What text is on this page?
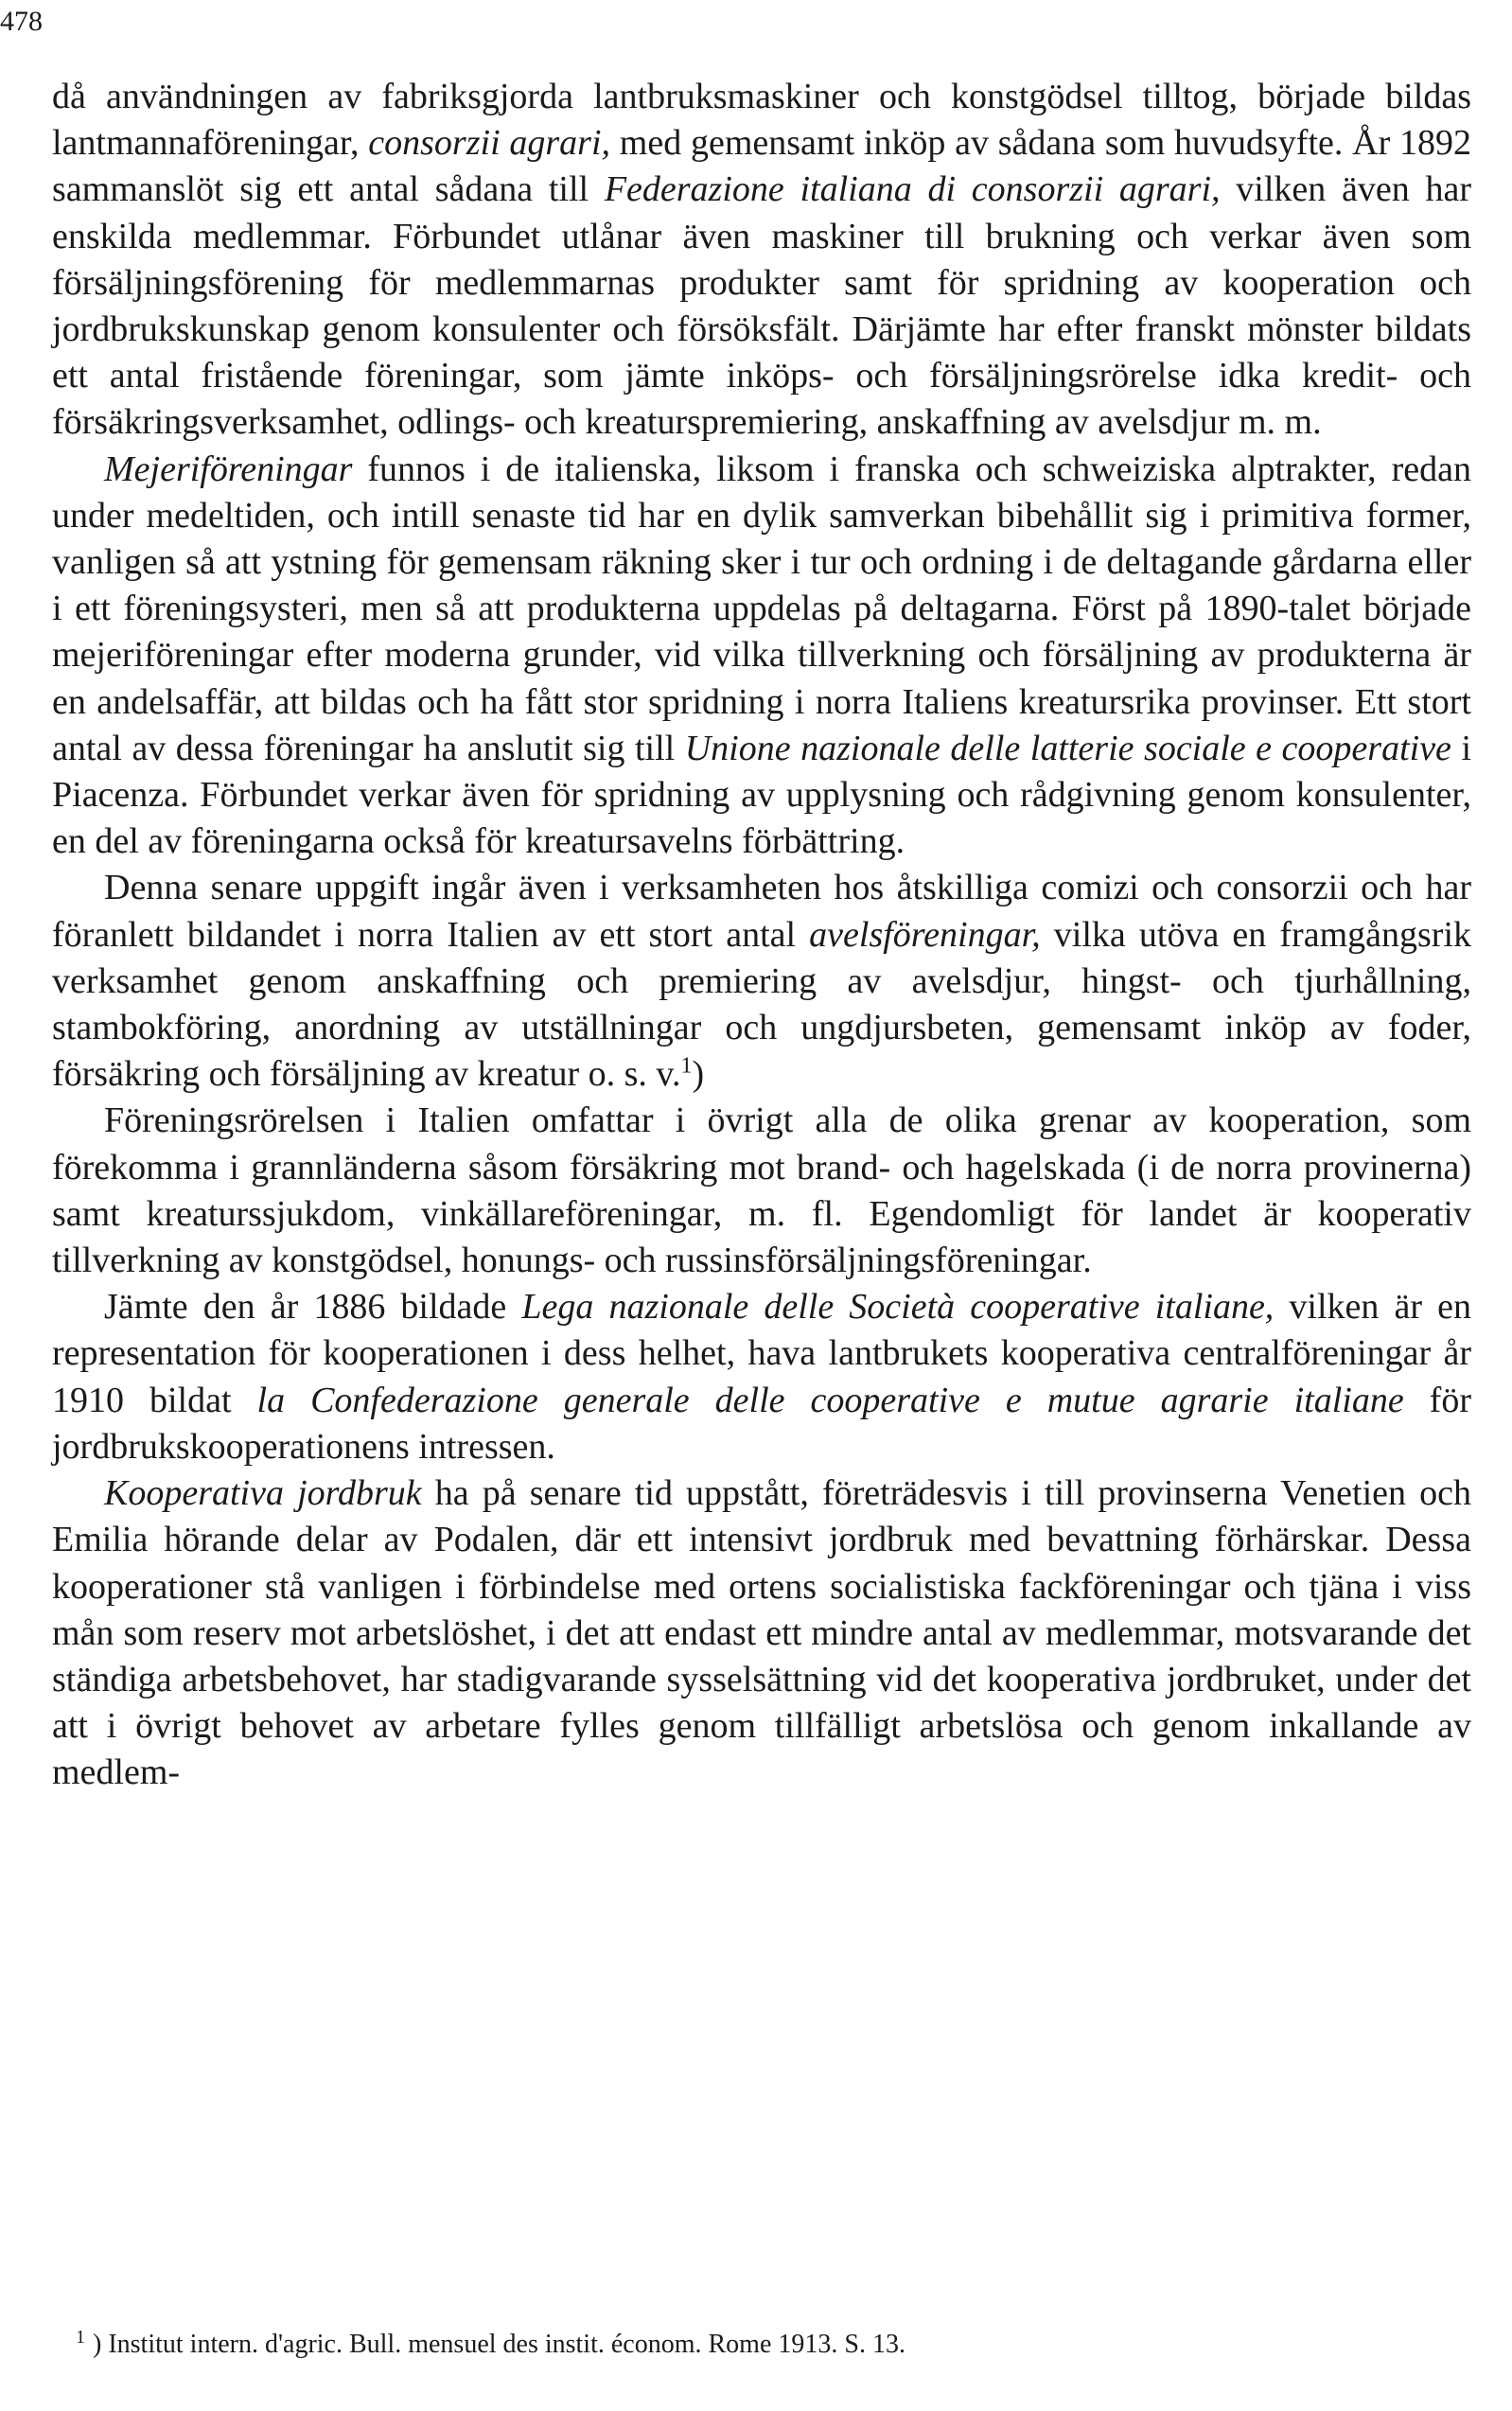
478

då användningen av fabriksgjorda lantbruksmaskiner och konstgödsel tilltog, började bildas lantmannaföreningar, consorzii agrari, med gemensamt inköp av sådana som huvudsyfte. År 1892 sammanslöt sig ett antal sådana till Federazione italiana di consorzii agrari, vilken även har enskilda medlemmar. Förbundet utlånar även maskiner till brukning och verkar även som försäljningsförening för medlemmarnas produkter samt för spridning av kooperation och jordbrukskunskap genom konsulenter och försöksfält. Därjämte har efter franskt mönster bildats ett antal fristående föreningar, som jämte inköps- och försäljningsrörelse idka kredit- och försäkringsverksamhet, odlings- och kreaturspremiering, anskaffning av avelsdjur m. m.

Mejeriföreningar funnos i de italienska, liksom i franska och schweiziska alptrakter, redan under medeltiden, och intill senaste tid har en dylik samverkan bibehållit sig i primitiva former, vanligen så att ystning för gemensam räkning sker i tur och ordning i de deltagande gårdarna eller i ett föreningsysteri, men så att produkterna uppdelas på deltagarna. Först på 1890-talet började mejeriföreningar efter moderna grunder, vid vilka tillverkning och försäljning av produkterna är en andelsaffär, att bildas och ha fått stor spridning i norra Italiens kreatursrika provinser. Ett stort antal av dessa föreningar ha anslutit sig till Unione nazionale delle latterie sociale e cooperative i Piacenza. Förbundet verkar även för spridning av upplysning och rådgivning genom konsulenter, en del av föreningarna också för kreatursavelns förbättring.

Denna senare uppgift ingår även i verksamheten hos åtskilliga comizi och consorzii och har föranlett bildandet i norra Italien av ett stort antal avelsföreningar, vilka utöva en framgångsrik verksamhet genom anskaffning och premiering av avelsdjur, hingst- och tjurhållning, stambokföring, anordning av utställningar och ungdjursbeten, gemensamt inköp av foder, försäkring och försäljning av kreatur o. s. v.$^1$)

Föreningsrörelsen i Italien omfattar i övrigt alla de olika grenar av kooperation, som förekomma i grannländerna såsom försäkring mot brand- och hagelskada (i de norra provinerna) samt kreaturssjukdom, vinkällareföreningar, m. fl. Egendomligt för landet är kooperativ tillverkning av konstgödsel, honungs- och russinsförsäljningsföreningar.

Jämte den år 1886 bildade Lega nazionale delle Società cooperative italiane, vilken är en representation för kooperationen i dess helhet, hava lantbrukets kooperativa centralföreningar år 1910 bildat la Confederazione generale delle cooperative e mutue agrarie italiane för jordbrukskooperationens intressen.

Kooperativa jordbruk ha på senare tid uppstått, företrädesvis i till provinserna Venetien och Emilia hörande delar av Podalen, där ett intensivt jordbruk med bevattning förhärskar. Dessa kooperationer stå vanligen i förbindelse med ortens socialistiska fackföreningar och tjäna i viss mån som reserv mot arbetslöshet, i det att endast ett mindre antal av medlemmar, motsvarande det ständiga arbetsbehovet, har stadigvarande sysselsättning vid det kooperativa jordbruket, under det att i övrigt behovet av arbetare fylles genom tillfälligt arbetslösa och genom inkallande av medlem-

$^1$ ) Institut intern. d'agric. Bull. mensuel des instit. économ. Rome 1913. S. 13.
